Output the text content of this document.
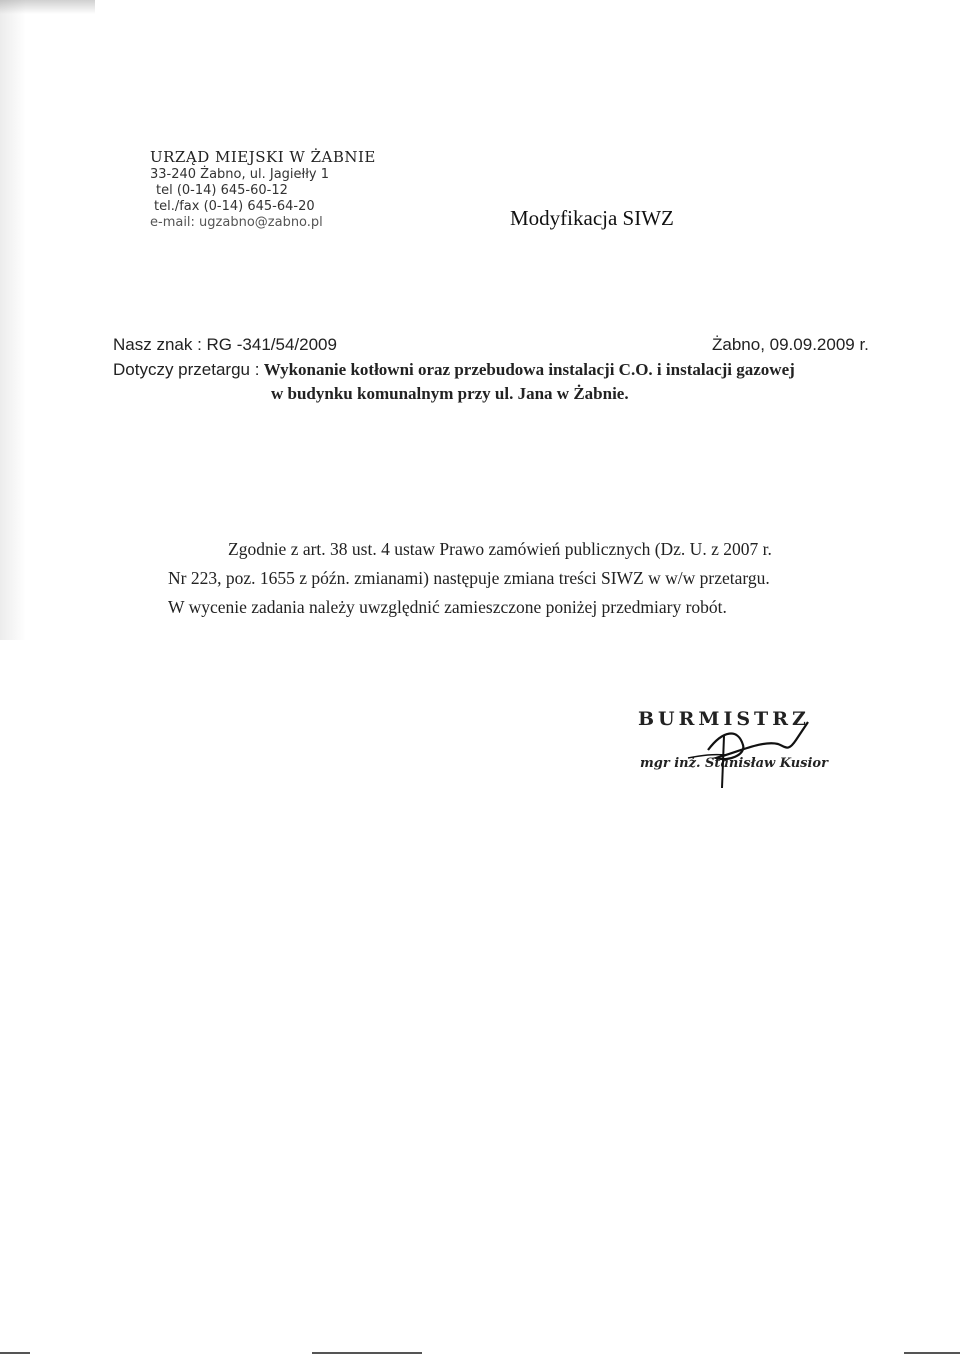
URZĄD MIEJSKI W ŻABNIE
33-240 Żabno, ul. Jagiełły 1
tel (0-14) 645-60-12
tel./fax (0-14) 645-64-20
e-mail: ugzabno@zabno.pl	Modyfikacja SIWZ
Nasz znak : RG -341/54/2009	Żabno, 09.09.2009 r.
Dotyczy przetargu : Wykonanie kotłowni oraz przebudowa instalacji C.O. i instalacji gazowej
w budynku komunalnym przy ul. Jana w Żabnie.

Zgodnie z art. 38 ust. 4 ustaw Prawo zamówień publicznych (Dz. U. z 2007 r.

Nr 223, poz. 1655 z późn. zmianami) następuje zmiana treści SIWZ w w/w przetargu.

W wycenie zadania należy uwzględnić zamieszczone poniżej przedmiary robót.

BURMISTRZ
mgr inż. Stanisław Kusior
